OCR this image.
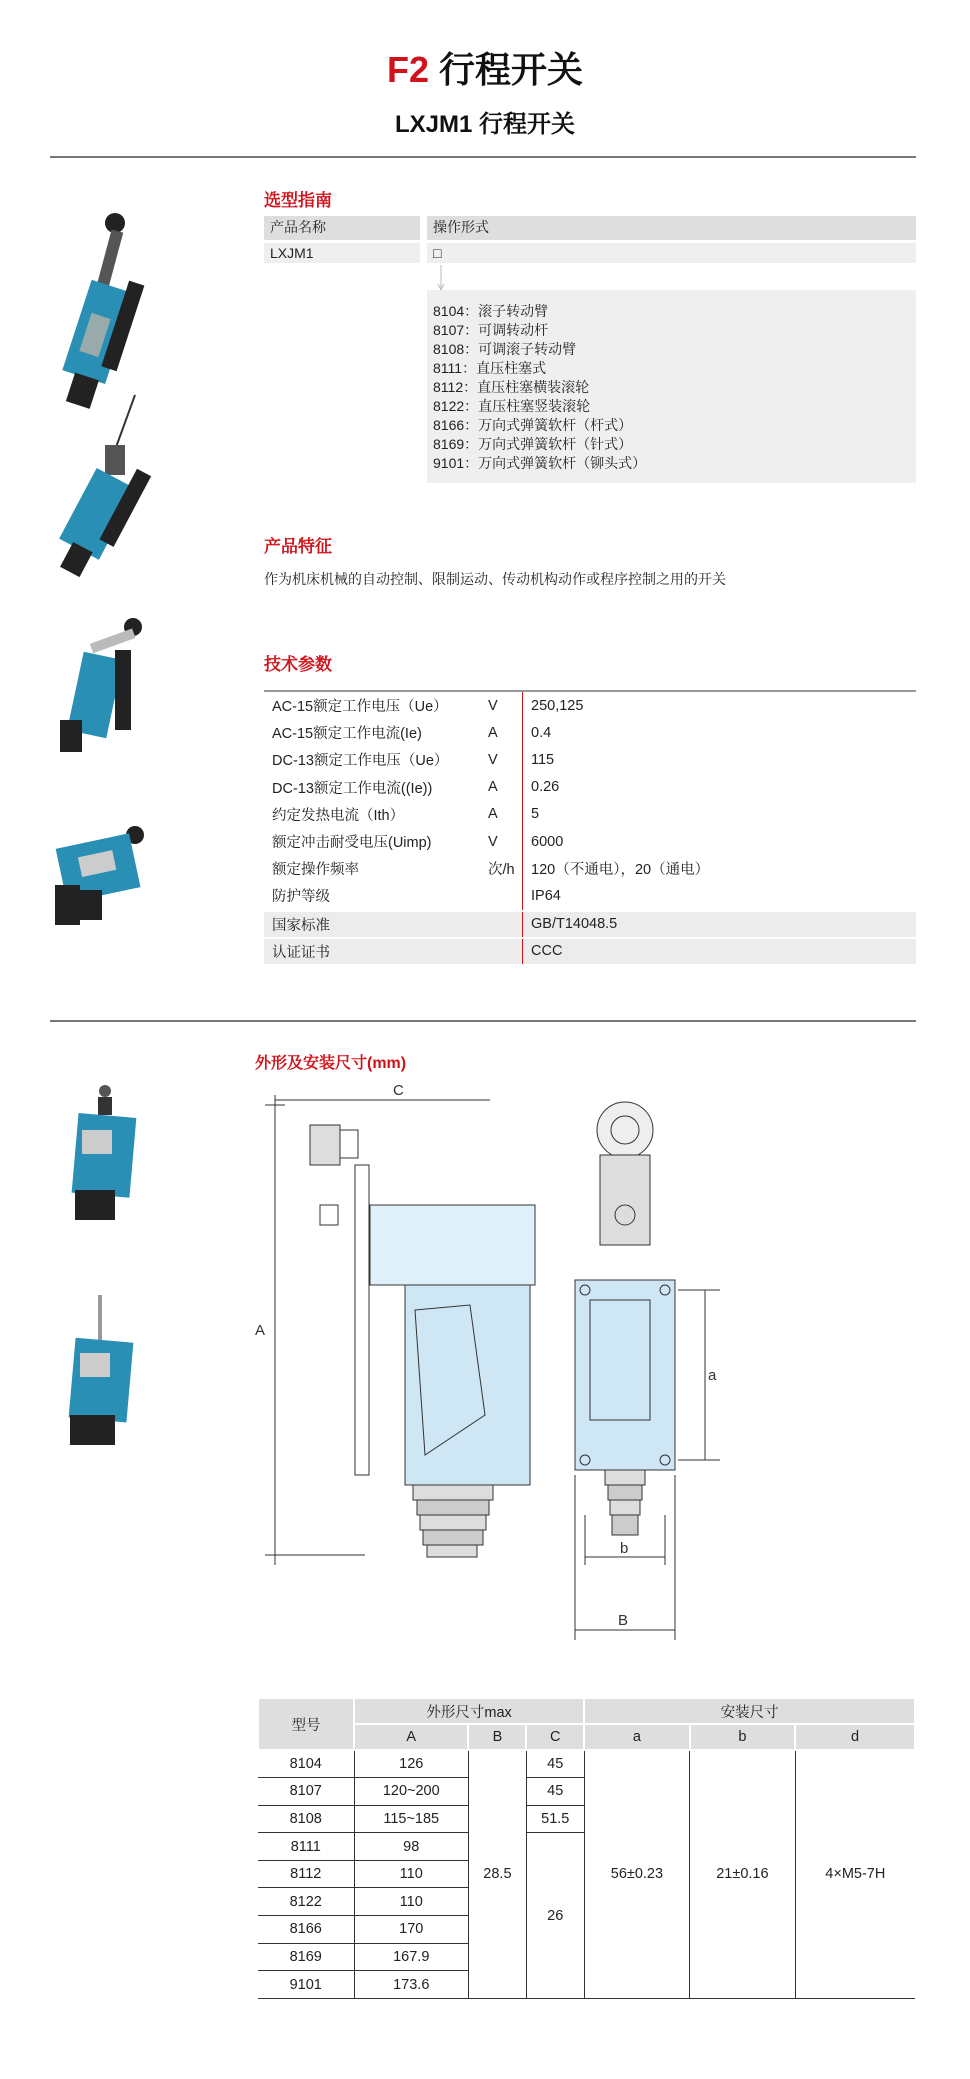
F2 行程开关
LXJM1 行程开关
选型指南
产品名称	操作形式
LXJM1	□
8104：滚子转动臂
8107：可调转动杆
8108：可调滚子转动臂
8111：直压柱塞式
8112：直压柱塞横装滚轮
8122：直压柱塞竖装滚轮
8166：万向式弹簧软杆（杆式）
8169：万向式弹簧软杆（针式）
9101：万向式弹簧软杆（铆头式）
产品特征
作为机床机械的自动控制、限制运动、传动机构动作或程序控制之用的开关
技术参数
AC-15额定工作电压（Ue）	V	250,125
AC-15额定工作电流(Ie)	A	0.4
DC-13额定工作电压（Ue）	V	115
DC-13额定工作电流((Ie))	A	0.26
约定发热电流（Ith）	A	5
额定冲击耐受电压(Uimp)	V	6000
额定操作频率	次/h	120（不通电），20（通电）
防护等级	IP64
国家标准	GB/T14048.5
认证证书	CCC
外形及安装尺寸(mm)
A
C
a
b
B
型号	外形尺寸max			安装尺寸		
	A	B	C	a	b	d
8104	126	28.5	45	56±0.23	21±0.16	4×M5-7H
8107	120~200		45			
8108	115~185		51.5			
8111	98		26			
8112	110					
8122	110					
8166	170					
8169	167.9					
9101	173.6					
